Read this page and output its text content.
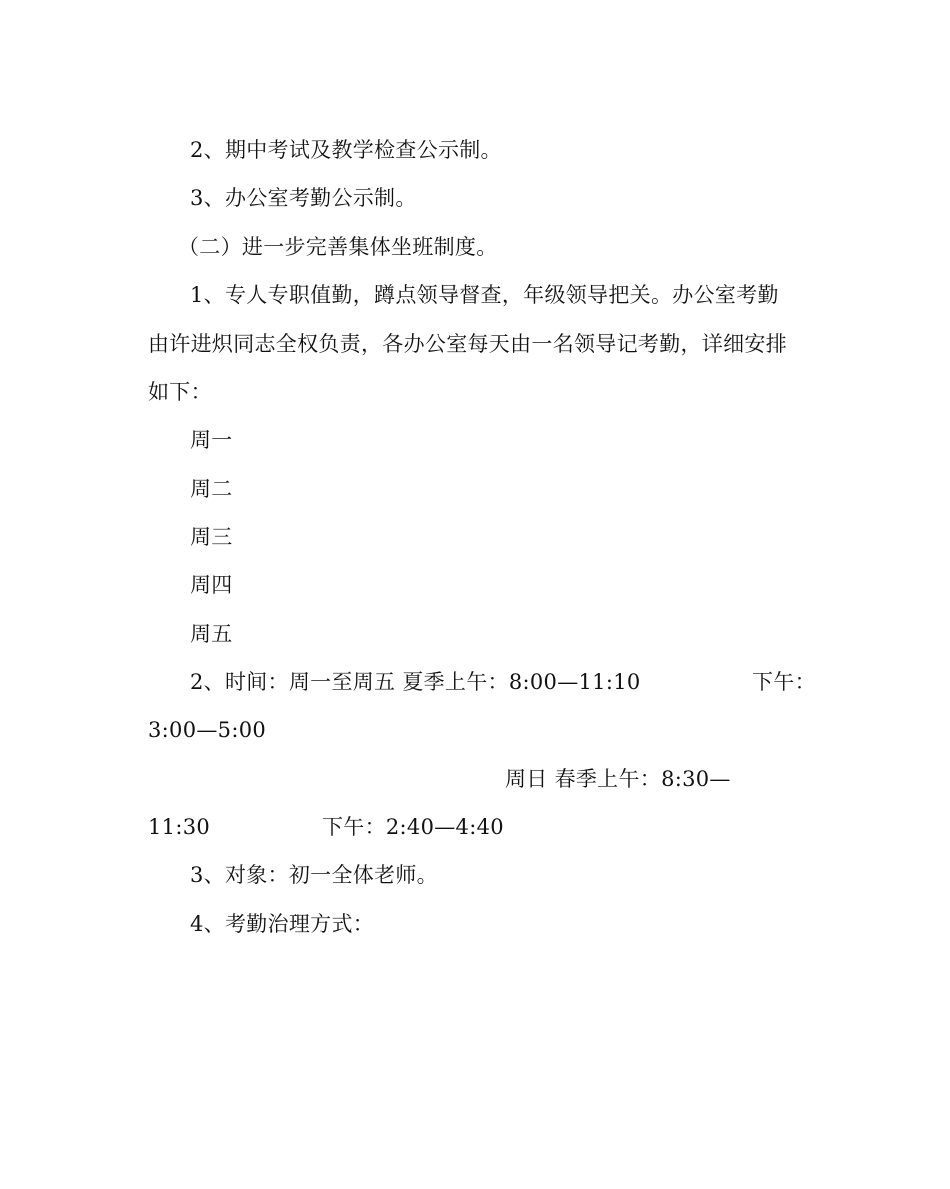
2、期中考试及教学检查公示制。
3、办公室考勤公示制。
（二）进一步完善集体坐班制度。
1、专人专职值勤，蹲点领导督查，年级领导把关。办公室考勤
由许进炽同志全权负责，各办公室每天由一名领导记考勤，详细安排
如下：
周一
周二
周三
周四
周五
2、时间：周一至周五 夏季上午：8:00—11:10	下午：
3:00—5:00
周日 春季上午：8:30—
11:30	下午：2:40—4:40
3、对象：初一全体老师。
4、考勤治理方式：
